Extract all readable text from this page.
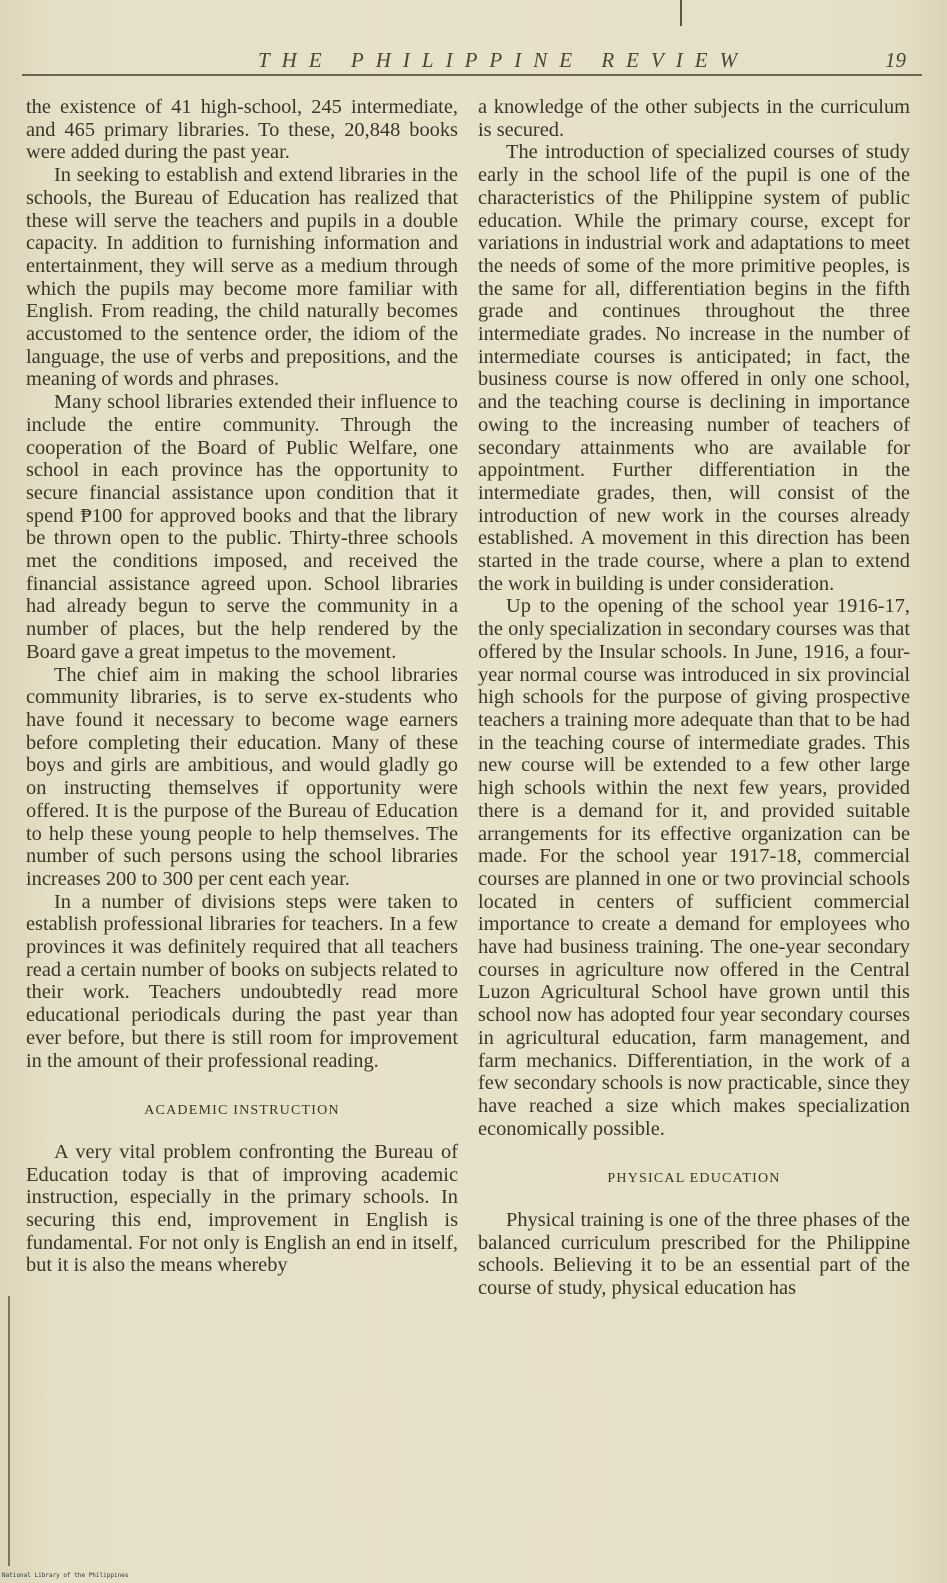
THE PHILIPPINE REVIEW	19

the existence of 41 high-school, 245 intermediate, and 465 primary libraries. To these, 20,848 books were added during the past year.

In seeking to establish and extend libraries in the schools, the Bureau of Education has realized that these will serve the teachers and pupils in a double capacity. In addition to furnishing information and entertainment, they will serve as a medium through which the pupils may become more familiar with English. From reading, the child naturally becomes accustomed to the sentence order, the idiom of the language, the use of verbs and prepositions, and the meaning of words and phrases.

Many school libraries extended their influence to include the entire community. Through the cooperation of the Board of Public Welfare, one school in each province has the opportunity to secure financial assistance upon condition that it spend ₱100 for approved books and that the library be thrown open to the public. Thirty-three schools met the conditions imposed, and received the financial assistance agreed upon. School libraries had already begun to serve the community in a number of places, but the help rendered by the Board gave a great impetus to the movement.

The chief aim in making the school libraries community libraries, is to serve ex-students who have found it necessary to become wage earners before completing their education. Many of these boys and girls are ambitious, and would gladly go on instructing themselves if opportunity were offered. It is the purpose of the Bureau of Education to help these young people to help themselves. The number of such persons using the school libraries increases 200 to 300 per cent each year.

In a number of divisions steps were taken to establish professional libraries for teachers. In a few provinces it was definitely required that all teachers read a certain number of books on subjects related to their work. Teachers undoubtedly read more educational periodicals during the past year than ever before, but there is still room for improvement in the amount of their professional reading.

ACADEMIC INSTRUCTION

A very vital problem confronting the Bureau of Education today is that of improving academic instruction, especially in the primary schools. In securing this end, improvement in English is fundamental. For not only is English an end in itself, but it is also the means whereby

a knowledge of the other subjects in the curriculum is secured.

The introduction of specialized courses of study early in the school life of the pupil is one of the characteristics of the Philippine system of public education. While the primary course, except for variations in industrial work and adaptations to meet the needs of some of the more primitive peoples, is the same for all, differentiation begins in the fifth grade and continues throughout the three intermediate grades. No increase in the number of intermediate courses is anticipated; in fact, the business course is now offered in only one school, and the teaching course is declining in importance owing to the increasing number of teachers of secondary attainments who are available for appointment. Further differentiation in the intermediate grades, then, will consist of the introduction of new work in the courses already established. A movement in this direction has been started in the trade course, where a plan to extend the work in building is under consideration.

Up to the opening of the school year 1916-17, the only specialization in secondary courses was that offered by the Insular schools. In June, 1916, a four-year normal course was introduced in six provincial high schools for the purpose of giving prospective teachers a training more adequate than that to be had in the teaching course of intermediate grades. This new course will be extended to a few other large high schools within the next few years, provided there is a demand for it, and provided suitable arrangements for its effective organization can be made. For the school year 1917-18, commercial courses are planned in one or two provincial schools located in centers of sufficient commercial importance to create a demand for employees who have had business training. The one-year secondary courses in agriculture now offered in the Central Luzon Agricultural School have grown until this school now has adopted four year secondary courses in agricultural education, farm management, and farm mechanics. Differentiation, in the work of a few secondary schools is now practicable, since they have reached a size which makes specialization economically possible.

PHYSICAL EDUCATION

Physical training is one of the three phases of the balanced curriculum prescribed for the Philippine schools. Believing it to be an essential part of the course of study, physical education has

National Library of the Philippines
